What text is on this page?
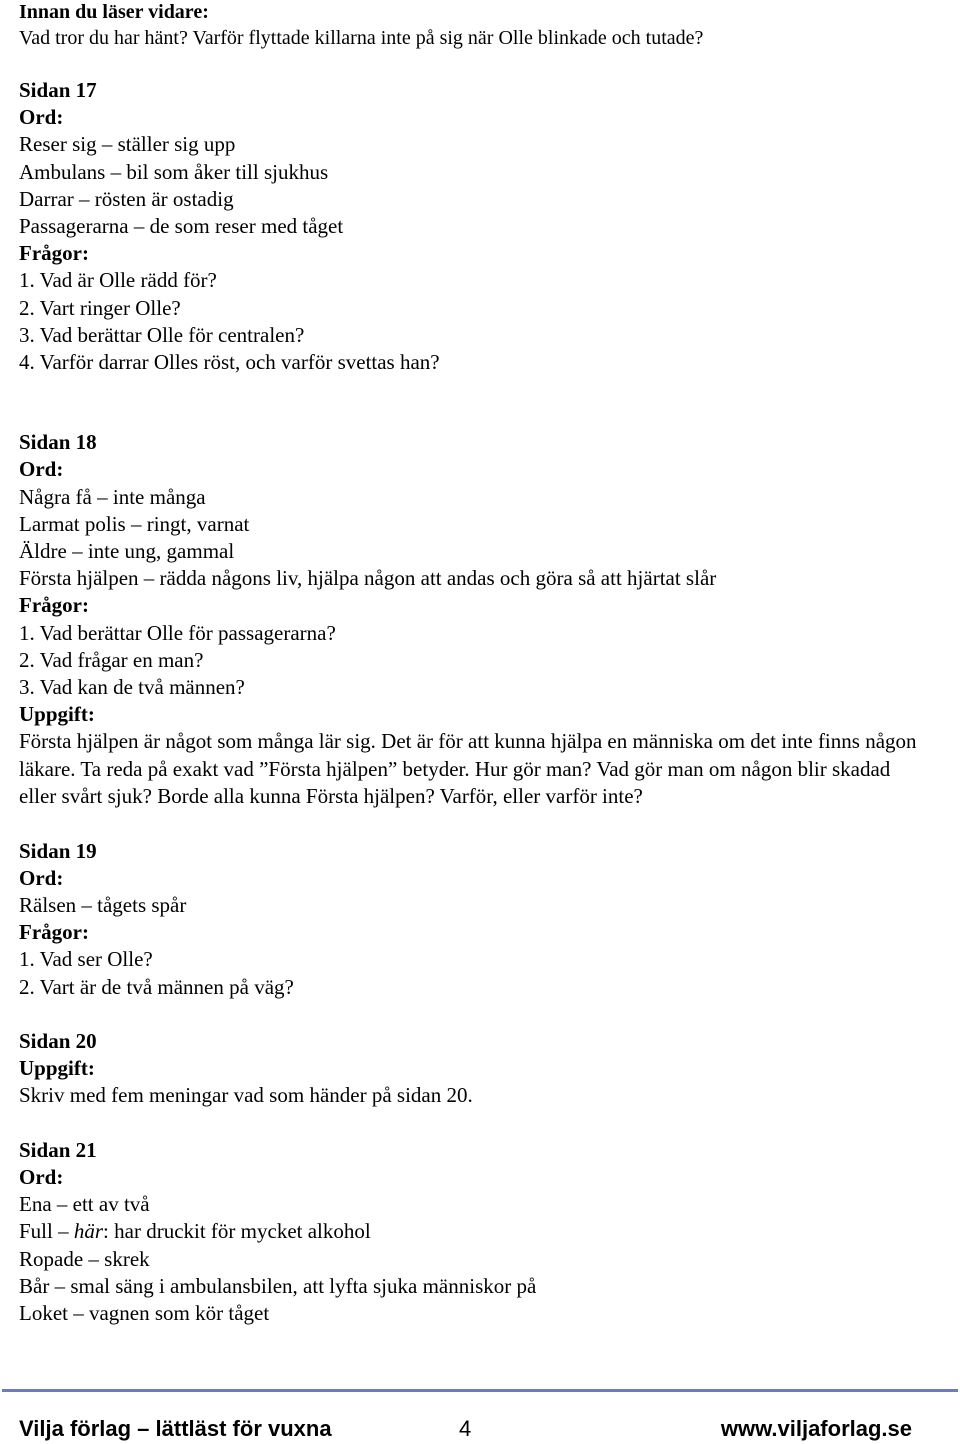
Innan du läser vidare:
Vad tror du har hänt? Varför flyttade killarna inte på sig när Olle blinkade och tutade?
Sidan 17
Ord:
Reser sig – ställer sig upp
Ambulans – bil som åker till sjukhus
Darrar – rösten är ostadig
Passagerarna – de som reser med tåget
Frågor:
1. Vad är Olle rädd för?
2. Vart ringer Olle?
3. Vad berättar Olle för centralen?
4. Varför darrar Olles röst, och varför svettas han?
Sidan 18
Ord:
Några få – inte många
Larmat polis – ringt, varnat
Äldre – inte ung, gammal
Första hjälpen – rädda någons liv, hjälpa någon att andas och göra så att hjärtat slår
Frågor:
1. Vad berättar Olle för passagerarna?
2. Vad frågar en man?
3. Vad kan de två männen?
Uppgift:
Första hjälpen är något som många lär sig. Det är för att kunna hjälpa en människa om det inte finns någon läkare. Ta reda på exakt vad ”Första hjälpen” betyder. Hur gör man? Vad gör man om någon blir skadad eller svårt sjuk? Borde alla kunna Första hjälpen? Varför, eller varför inte?
Sidan 19
Ord:
Rälsen – tågets spår
Frågor:
1. Vad ser Olle?
2. Vart är de två männen på väg?
Sidan 20
Uppgift:
Skriv med fem meningar vad som händer på sidan 20.
Sidan 21
Ord:
Ena – ett av två
Full – här: har druckit för mycket alkohol
Ropade – skrek
Bår – smal säng i ambulansbilen, att lyfta sjuka människor på
Loket – vagnen som kör tåget
Vilja förlag – lättläst för vuxna	4	www.viljaforlag.se
